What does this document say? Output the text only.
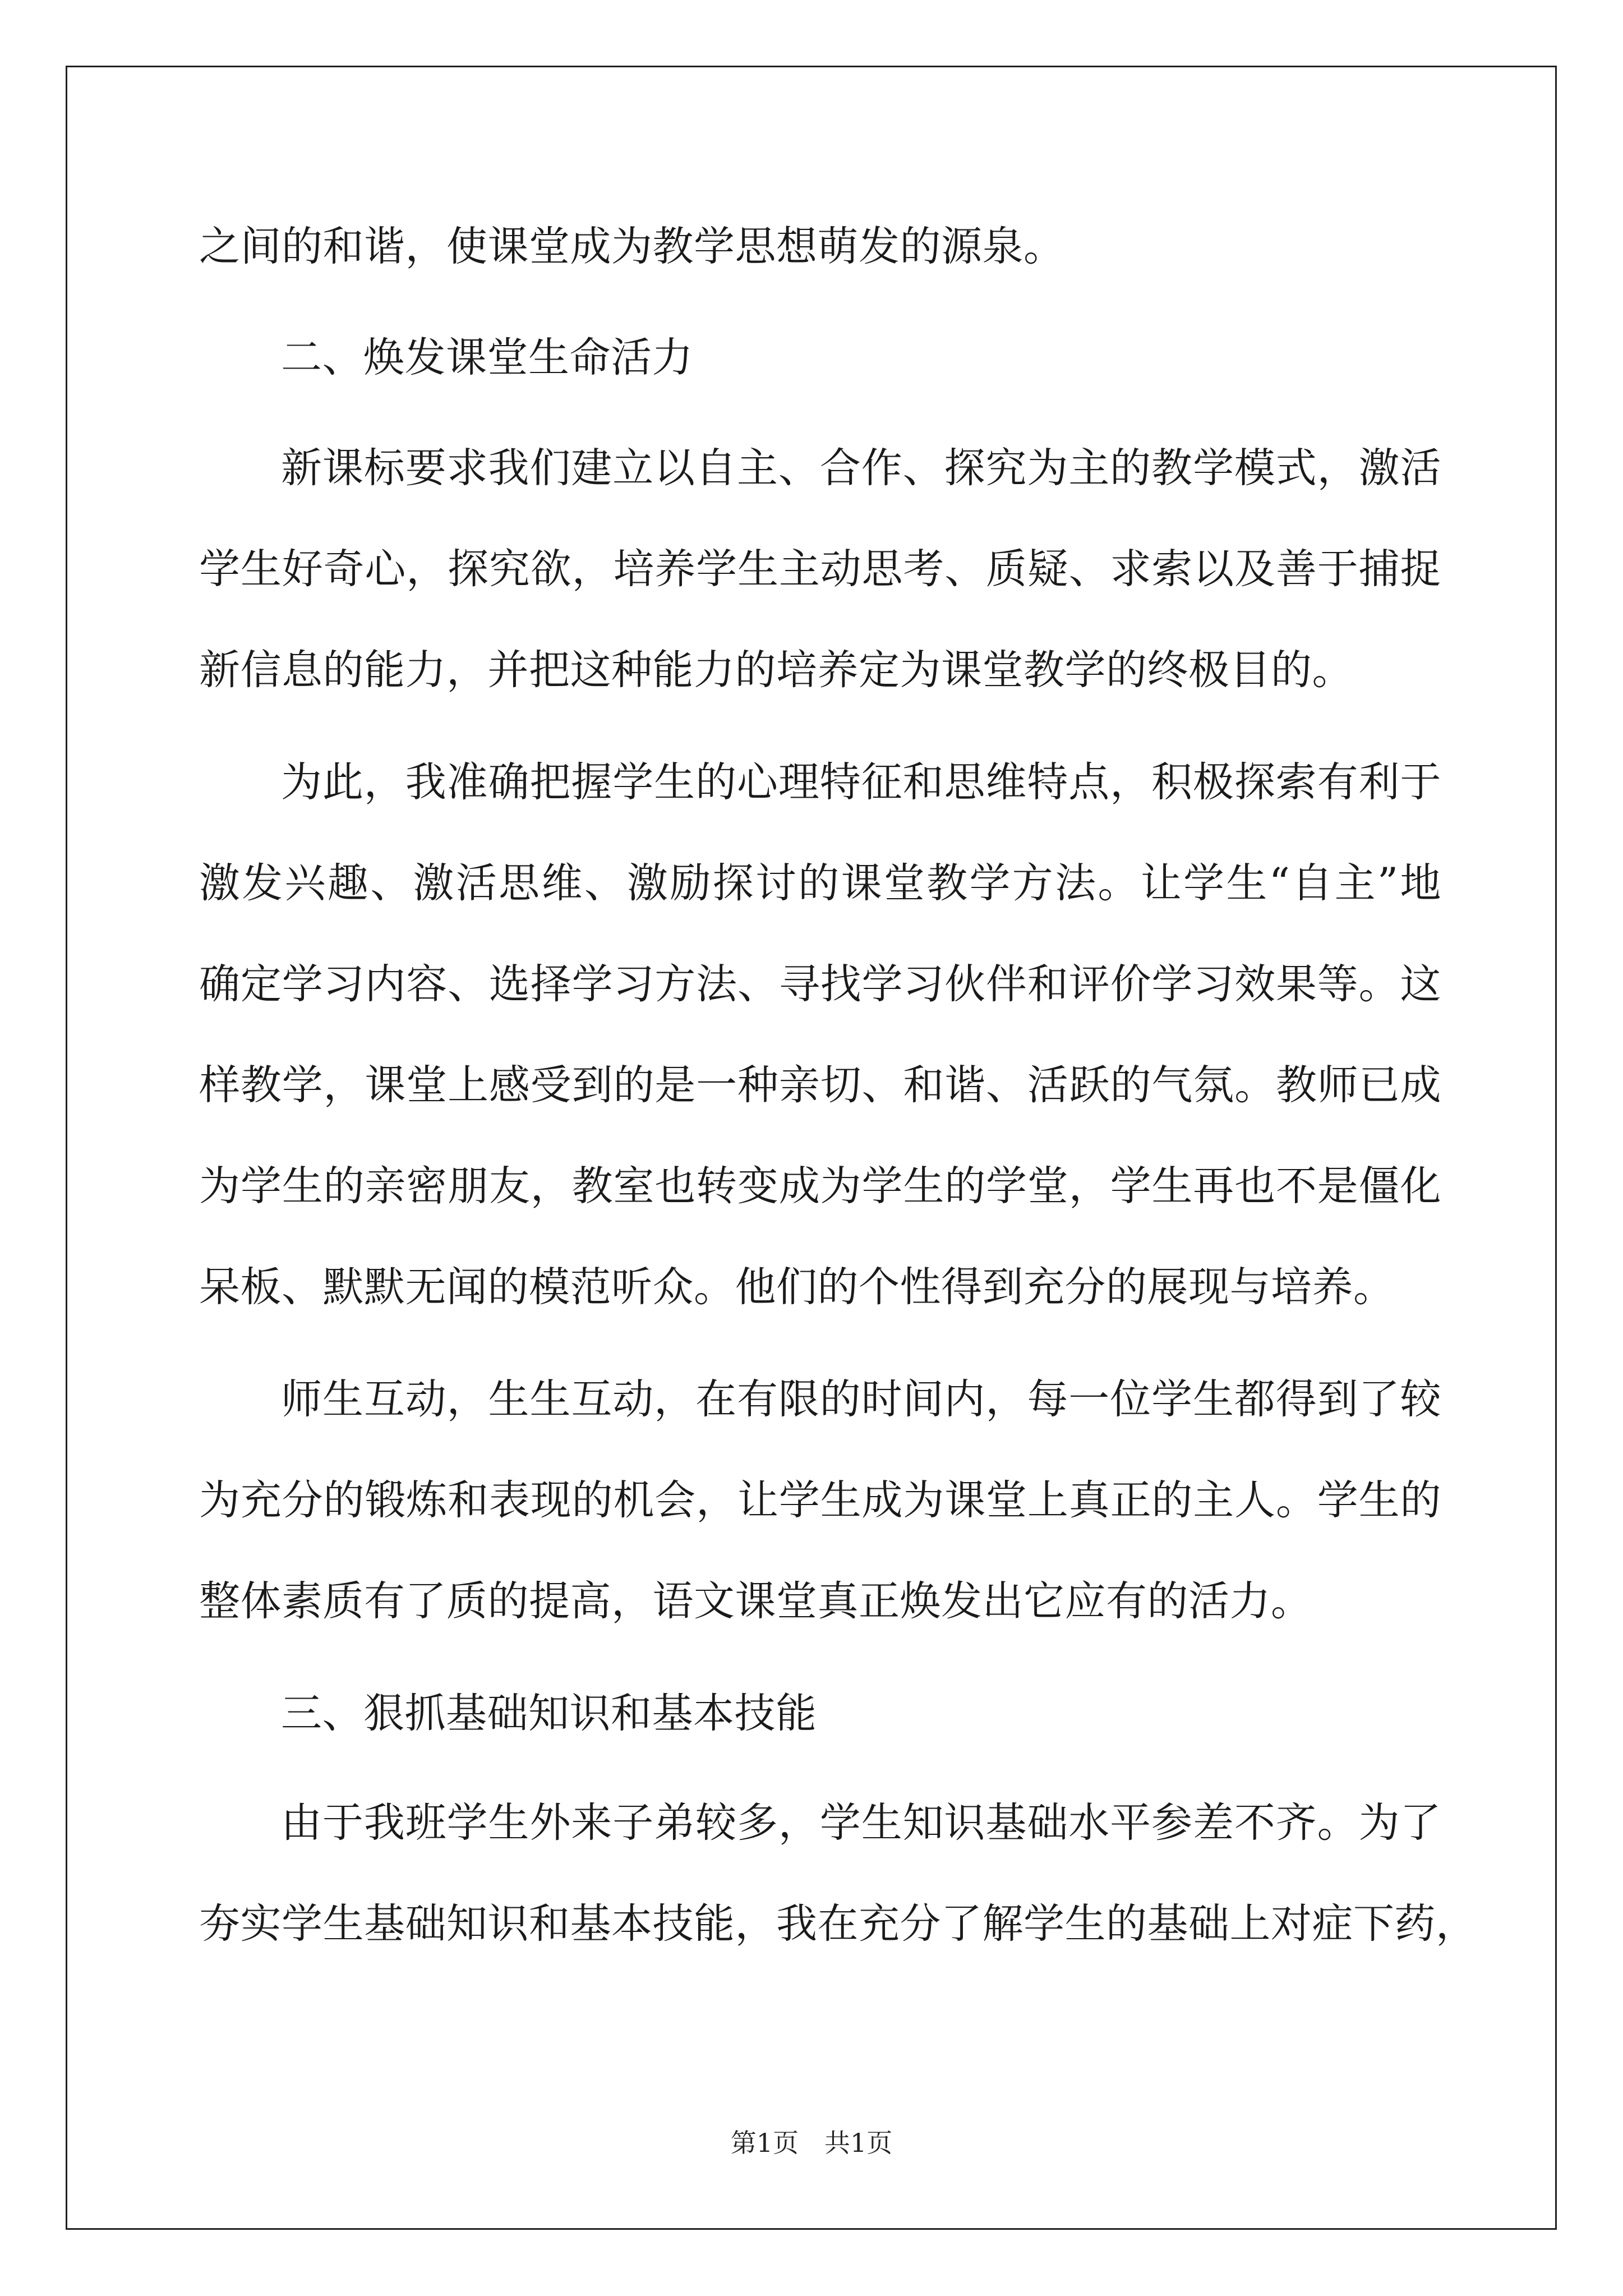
之间的和谐，使课堂成为教学思想萌发的源泉。
二、焕发课堂生命活力
新课标要求我们建立以自主、合作、探究为主的教学模式，激活
学生好奇心，探究欲，培养学生主动思考、质疑、求索以及善于捕捉
新信息的能力，并把这种能力的培养定为课堂教学的终极目的。
为此，我准确把握学生的心理特征和思维特点，积极探索有利于
激发兴趣、激活思维、激励探讨的课堂教学方法。让学生“自主”地
确定学习内容、选择学习方法、寻找学习伙伴和评价学习效果等。这
样教学，课堂上感受到的是一种亲切、和谐、活跃的气氛。教师已成
为学生的亲密朋友，教室也转变成为学生的学堂，学生再也不是僵化
呆板、默默无闻的模范听众。他们的个性得到充分的展现与培养。
师生互动，生生互动，在有限的时间内，每一位学生都得到了较
为充分的锻炼和表现的机会，让学生成为课堂上真正的主人。学生的
整体素质有了质的提高，语文课堂真正焕发出它应有的活力。
三、狠抓基础知识和基本技能
由于我班学生外来子弟较多，学生知识基础水平参差不齐。为了
夯实学生基础知识和基本技能，我在充分了解学生的基础上对症下药，
第1页　共1页
